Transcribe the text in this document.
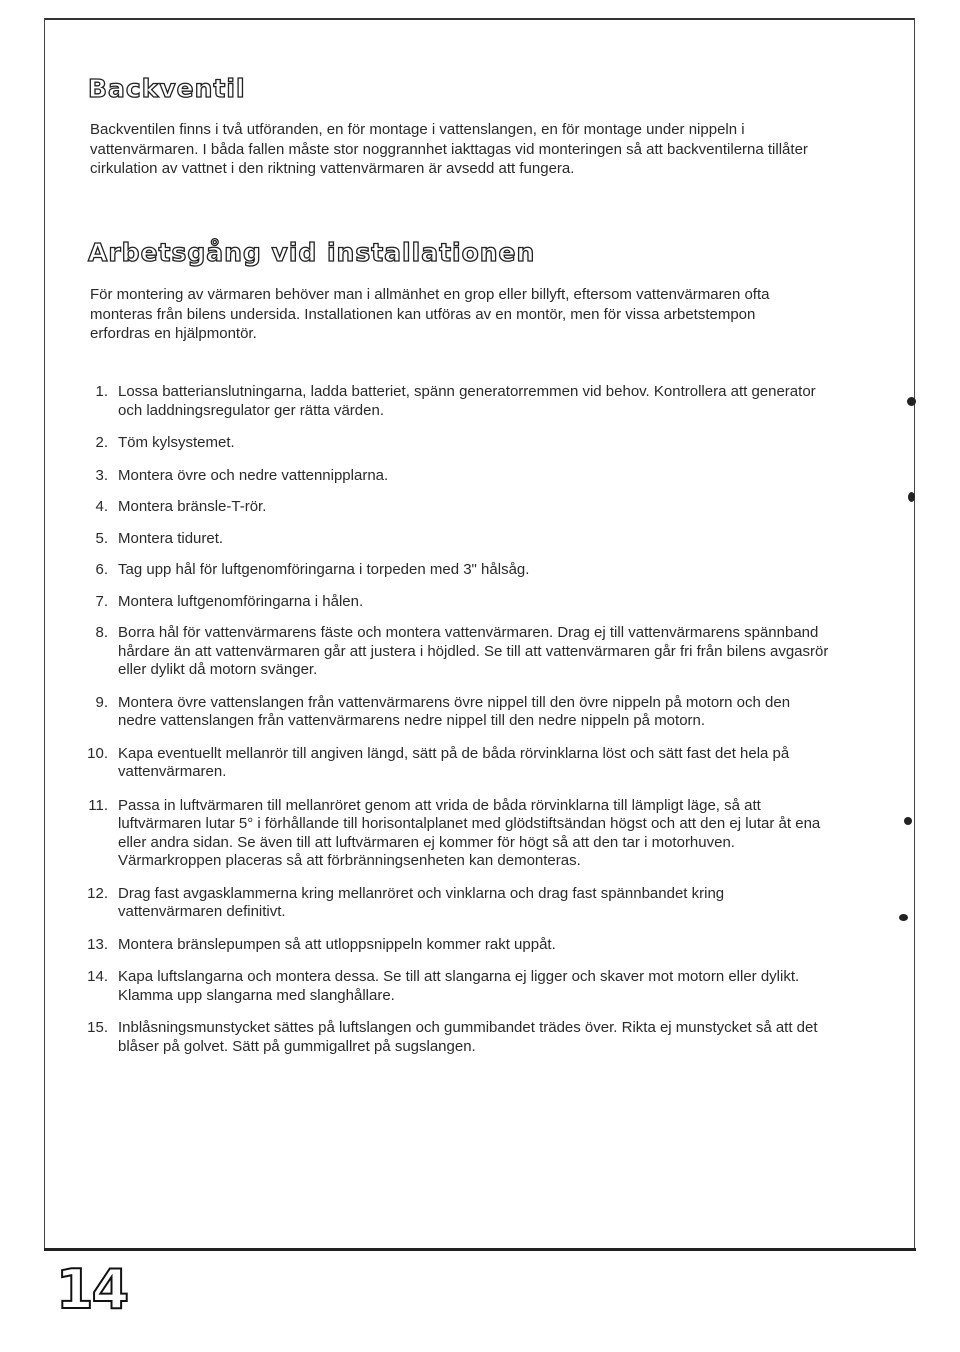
Backventil

Backventilen finns i två utföranden, en för montage i vattenslangen, en för montage under nippeln i vattenvärmaren. I båda fallen måste stor noggrannhet iakttagas vid monteringen så att backventilerna tillåter cirkulation av vattnet i den riktning vattenvärmaren är avsedd att fungera.

Arbetsgång vid installationen

För montering av värmaren behöver man i allmänhet en grop eller billyft, eftersom vattenvärmaren ofta monteras från bilens undersida. Installationen kan utföras av en montör, men för vissa arbetstempon erfordras en hjälpmontör.

1. Lossa batterianslutningarna, ladda batteriet, spänn generatorremmen vid behov. Kontrollera att generator och laddningsregulator ger rätta värden.
2. Töm kylsystemet.
3. Montera övre och nedre vattennipplarna.
4. Montera bränsle-T-rör.
5. Montera tiduret.
6. Tag upp hål för luftgenomföringarna i torpeden med 3" hålsåg.
7. Montera luftgenomföringarna i hålen.
8. Borra hål för vattenvärmarens fäste och montera vattenvärmaren. Drag ej till vattenvärmarens spännband hårdare än att vattenvärmaren går att justera i höjdled. Se till att vattenvärmaren går fri från bilens avgasrör eller dylikt då motorn svänger.
9. Montera övre vattenslangen från vattenvärmarens övre nippel till den övre nippeln på motorn och den nedre vattenslangen från vattenvärmarens nedre nippel till den nedre nippeln på motorn.
10. Kapa eventuellt mellanrör till angiven längd, sätt på de båda rörvinklarna löst och sätt fast det hela på vattenvärmaren.
11. Passa in luftvärmaren till mellanröret genom att vrida de båda rörvinklarna till lämpligt läge, så att luftvärmaren lutar 5° i förhållande till horisontalplanet med glödstiftsändan högst och att den ej lutar åt ena eller andra sidan. Se även till att luftvärmaren ej kommer för högt så att den tar i motorhuven. Värmarkroppen placeras så att förbränningsenheten kan demonteras.
12. Drag fast avgasklammerna kring mellanröret och vinklarna och drag fast spännbandet kring vattenvärmaren definitivt.
13. Montera bränslepumpen så att utloppsnippeln kommer rakt uppåt.
14. Kapa luftslangarna och montera dessa. Se till att slangarna ej ligger och skaver mot motorn eller dylikt. Klamma upp slangarna med slanghållare.
15. Inblåsningsmunstycket sättes på luftslangen och gummibandet trädes över. Rikta ej munstycket så att det blåser på golvet. Sätt på gummigallret på sugslangen.
14
